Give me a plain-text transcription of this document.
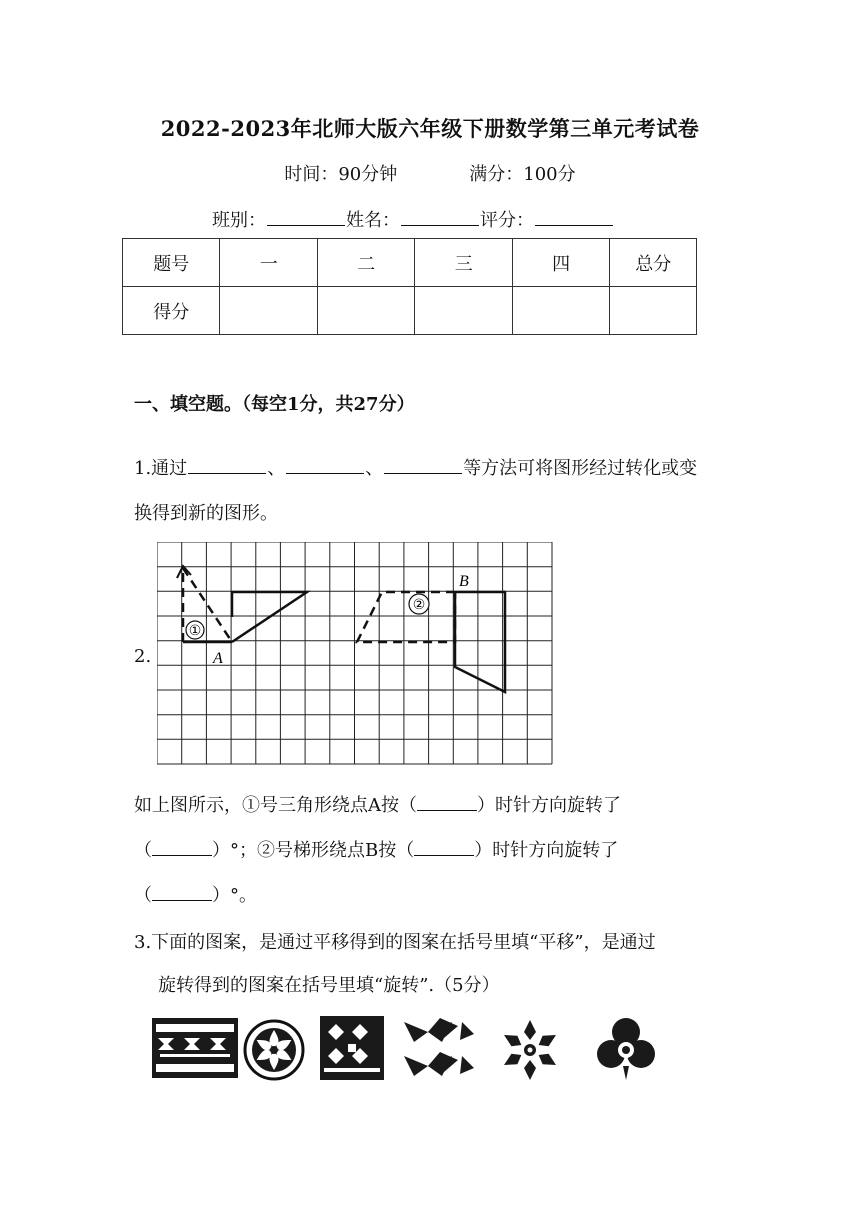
2022-2023年北师大版六年级下册数学第三单元考试卷
时间：90分钟	满分：100分
班别：	姓名：	评分：
题号	一	二	三	四	总分
得分					
一、填空题。（每空1分，共27分）
1.通过	、	、	等方法可将图形经过转化或变
换得到新的图形。
2.
①
A
②
B
如上图所示，①号三角形绕点A按（	）时针方向旋转了
（	）°；②号梯形绕点B按（	）时针方向旋转了
（	）°。
3.下面的图案，是通过平移得到的图案在括号里填“平移”，是通过
旋转得到的图案在括号里填“旋转”.（5分）
